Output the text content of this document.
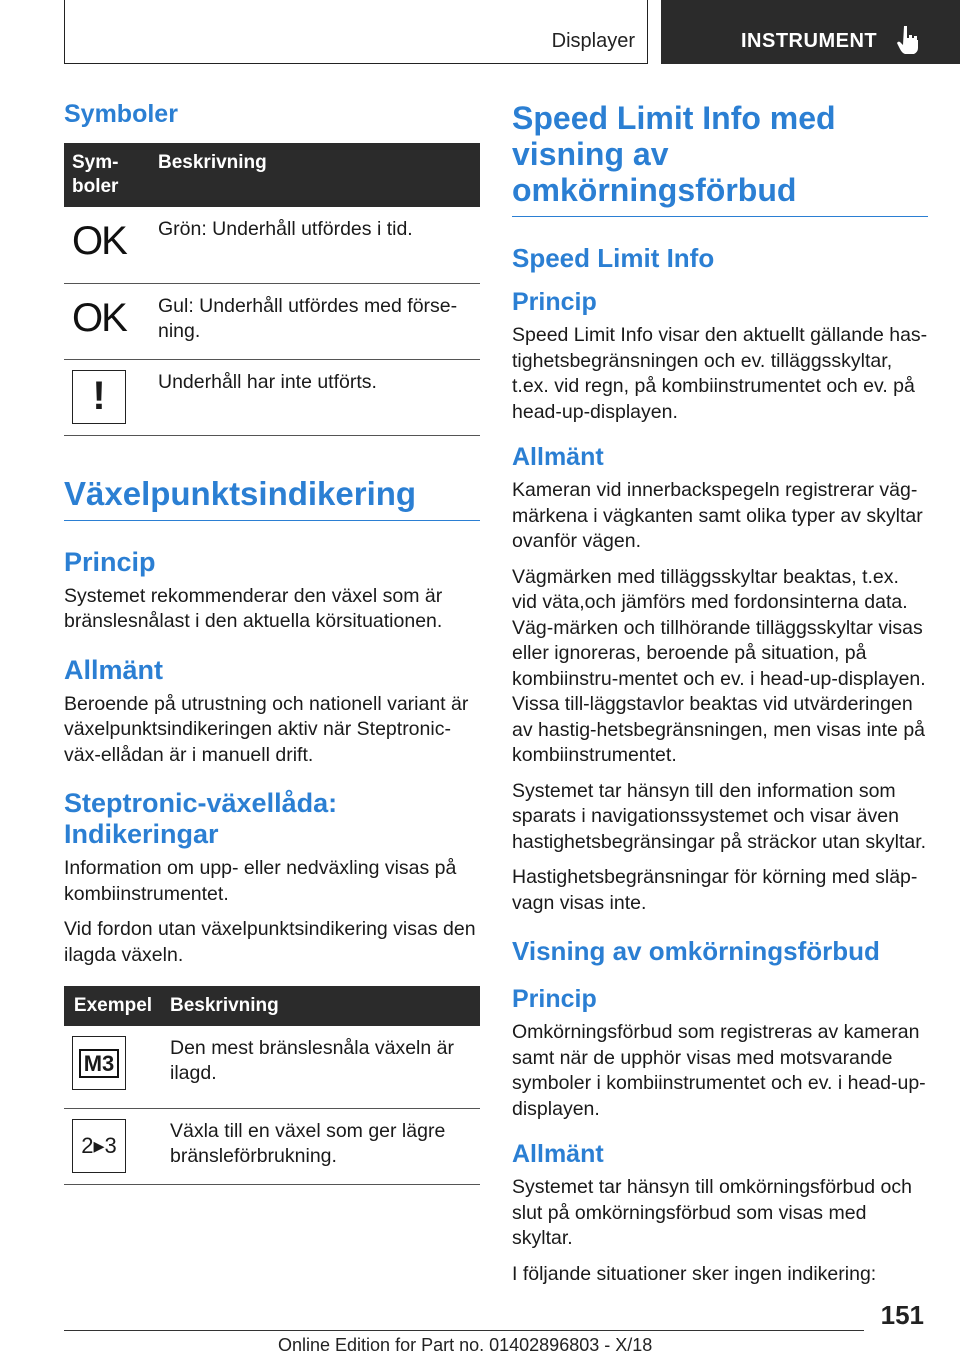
Displayer	INSTRUMENT
Symboler
Sym‐
boler	Beskrivning

OK	Grön: Underhåll utfördes i tid.

OK	Gul: Underhåll utfördes med förse‐
ning.

!	Underhåll har inte utförts.
Växelpunktsindikering
Princip

Systemet rekommenderar den växel som är bränslesnålast i den aktuella körsituationen.

Allmänt

Beroende på utrustning och nationell variant är växelpunktsindikeringen aktiv när Steptronic-väx‐ellådan är i manuell drift.

Steptronic-växellåda: Indikeringar

Information om upp- eller nedväxling visas på kombiinstrumentet.

Vid fordon utan växelpunktsindikering visas den ilagda växeln.

Exempel	Beskrivning

M3	Den mest bränslesnåla växeln är ilagd.

2▸3	Växla till en växel som ger lägre bränsleförbrukning.
Speed Limit Info med visning av omkörningsförbud
Speed Limit Info
Princip

Speed Limit Info visar den aktuellt gällande has‐tighetsbegränsningen och ev. tilläggsskyltar, t.ex. vid regn, på kombiinstrumentet och ev. på head-up-displayen.

Allmänt

Kameran vid innerbackspegeln registrerar väg‐märkena i vägkanten samt olika typer av skyltar ovanför vägen.

Vägmärken med tilläggsskyltar beaktas, t.ex. vid väta,och jämförs med fordonsinterna data. Väg‐märken och tillhörande tilläggsskyltar visas eller ignoreras, beroende på situation, på kombiinstru‐mentet och ev. i head-up-displayen. Vissa till‐läggstavlor beaktas vid utvärderingen av hastig‐hetsbegränsningen, men visas inte på kombiinstrumentet.

Systemet tar hänsyn till den information som sparats i navigationssystemet och visar även hastighetsbegränsingar på sträckor utan skyltar.

Hastighetsbegränsningar för körning med släp‐vagn visas inte.

Visning av omkörningsförbud
Princip

Omkörningsförbud som registreras av kameran samt när de upphör visas med motsvarande symboler i kombiinstrumentet och ev. i head-up-displayen.

Allmänt

Systemet tar hänsyn till omkörningsförbud och slut på omkörningsförbud som visas med skyltar.

I följande situationer sker ingen indikering:

151
Online Edition for Part no. 01402896803 - X/18
